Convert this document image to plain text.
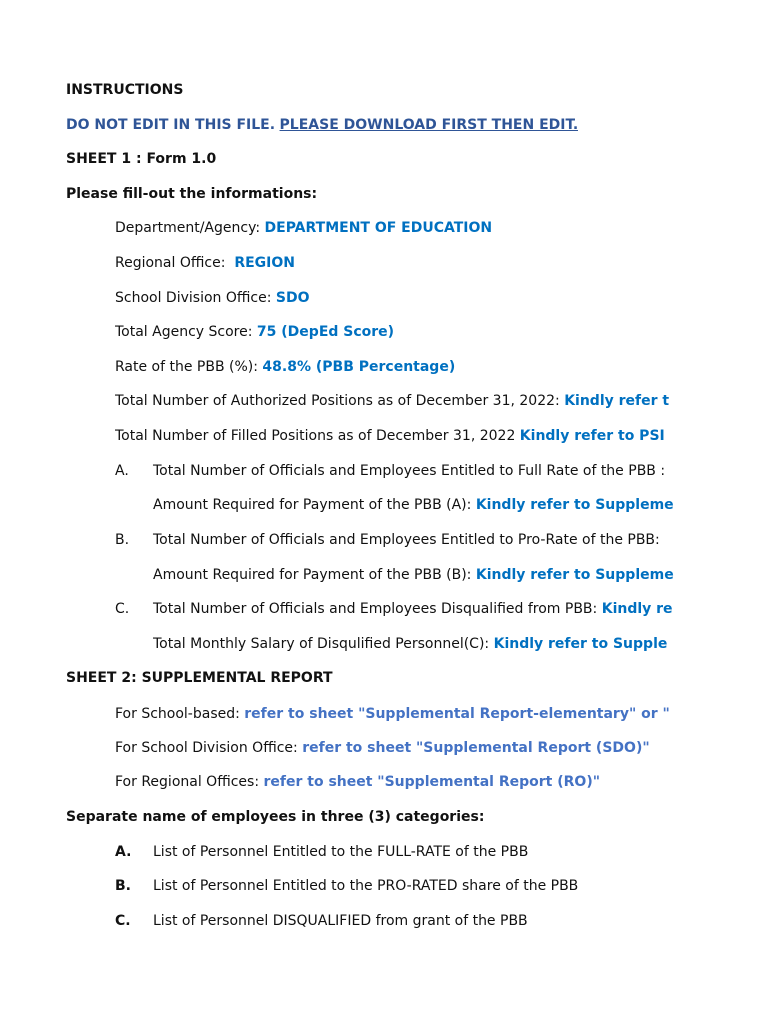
INSTRUCTIONS
DO NOT EDIT IN THIS FILE. PLEASE DOWNLOAD FIRST THEN EDIT.
SHEET 1 : Form 1.0
Please fill-out the informations:
Department/Agency: DEPARTMENT OF EDUCATION
Regional Office:  REGION
School Division Office: SDO
Total Agency Score: 75 (DepEd Score)
Rate of the PBB (%): 48.8% (PBB Percentage)
Total Number of Authorized Positions as of December 31, 2022: Kindly refer t
Total Number of Filled Positions as of December 31, 2022 Kindly refer to PSI
A. Total Number of Officials and Employees Entitled to Full Rate of the PBB :
Amount Required for Payment of the PBB (A): Kindly refer to Suppleme
B. Total Number of Officials and Employees Entitled to Pro-Rate of the PBB:
Amount Required for Payment of the PBB (B): Kindly refer to Suppleme
C. Total Number of Officials and Employees Disqualified from PBB: Kindly re
Total Monthly Salary of Disqulified Personnel(C): Kindly refer to Supple
SHEET 2: SUPPLEMENTAL REPORT
For School-based: refer to sheet "Supplemental Report-elementary" or "
For School Division Office: refer to sheet "Supplemental Report (SDO)"
For Regional Offices: refer to sheet "Supplemental Report (RO)"
Separate name of employees in three (3) categories:
A. List of Personnel Entitled to the FULL-RATE of the PBB
B. List of Personnel Entitled to the PRO-RATED share of the PBB
C. List of Personnel DISQUALIFIED from grant of the PBB
